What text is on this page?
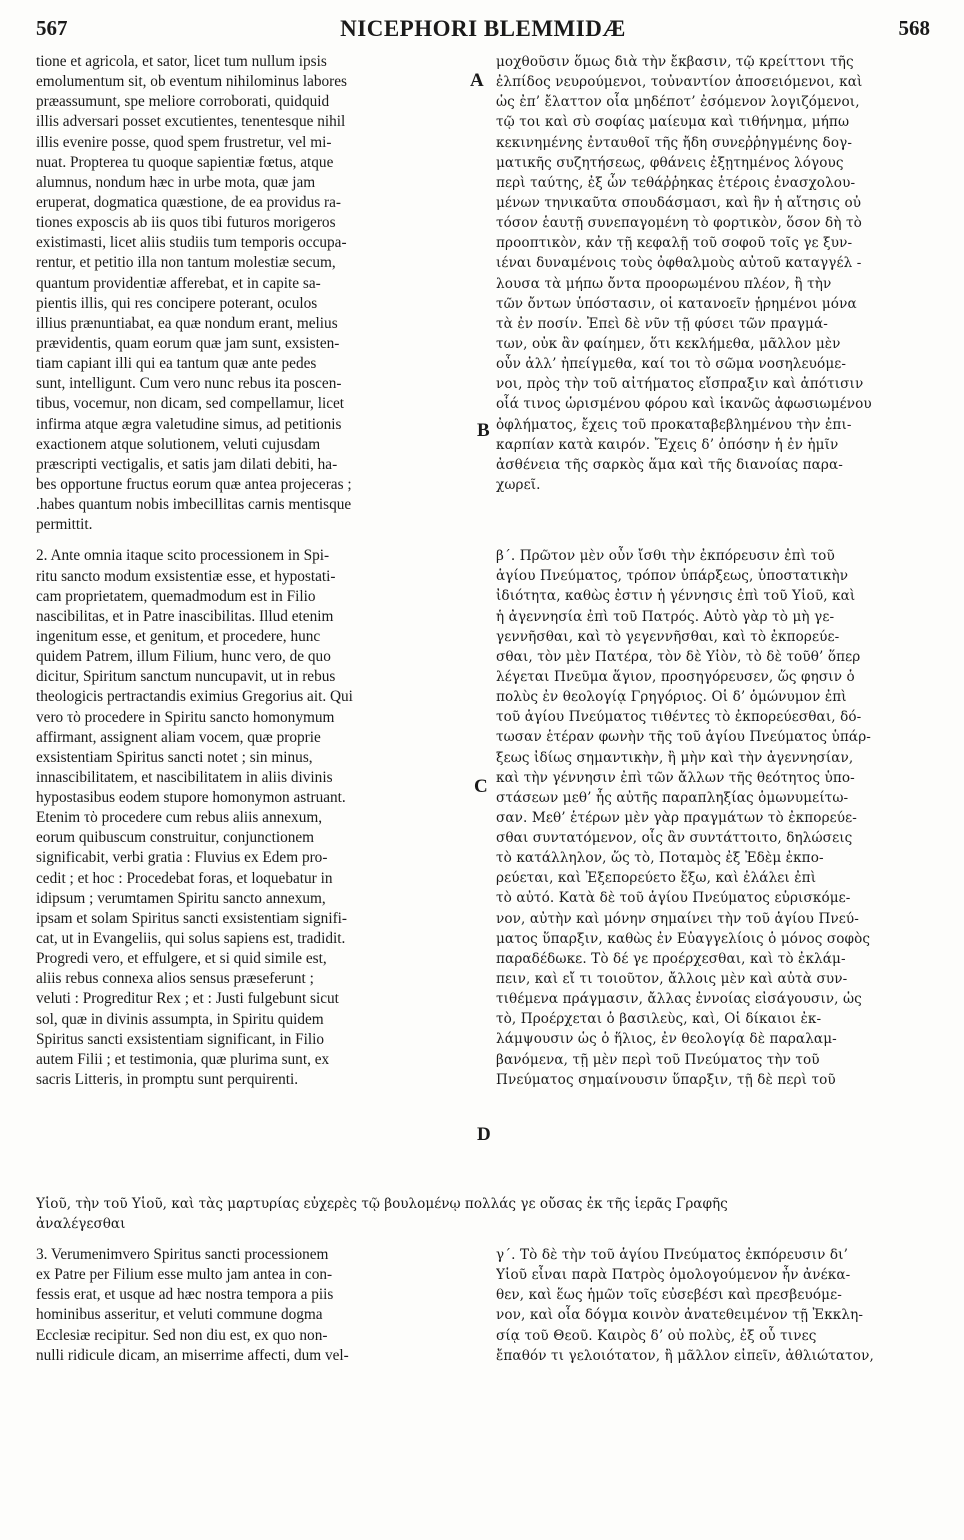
567	NICEPHORI BLEMMIDÆ	568
A
B
C
D
tione et agricola, et sator, licet tum nullum ipsis
emolumentum sit, ob eventum nihilominus labores
præassumunt, spe meliore corroborati, quidquid
illis adversari posset excutientes, tenentesque nihil
illis evenire posse, quod spem frustretur, vel mi-
nuat. Propterea tu quoque sapientiæ fœtus, atque
alumnus, nondum hæc in urbe mota, quæ jam
eruperat, dogmatica quæstione, de ea providus ra-
tiones exposcis ab iis quos tibi futuros morigeros
existimasti, licet aliis studiis tum temporis occupa-
rentur, et petitio illa non tantum molestiæ secum,
quantum providentiæ afferebat, et in capite sa-
pientis illis, qui res concipere poterant, oculos
illius prænuntiabat, ea quæ nondum erant, melius
prævidentis, quam eorum quæ jam sunt, exsisten-
tiam capiant illi qui ea tantum quæ ante pedes
sunt, intelligunt. Cum vero nunc rebus ita poscen-
tibus, vocemur, non dicam, sed compellamur, licet
infirma atque ægra valetudine simus, ad petitionis
exactionem atque solutionem, veluti cujusdam
præscripti vectigalis, et satis jam dilati debiti, ha-
bes opportune fructus eorum quæ antea projeceras ;
.habes quantum nobis imbecillitas carnis mentisque
permittit.
2. Ante omnia itaque scito processionem in Spi-
ritu sancto modum exsistentiæ esse, et hypostati-
cam proprietatem, quemadmodum est in Filio
nascibilitas, et in Patre inascibilitas. Illud etenim
ingenitum esse, et genitum, et procedere, hunc
quidem Patrem, illum Filium, hunc vero, de quo
dicitur, Spiritum sanctum nuncupavit, ut in rebus
theologicis pertractandis eximius Gregorius ait. Qui
vero τὸ procedere in Spiritu sancto homonymum
affirmant, assignent aliam vocem, quæ proprie
exsistentiam Spiritus sancti notet ; sin minus,
innascibilitatem, et nascibilitatem in aliis divinis
hypostasibus eodem stupore homonymon astruant.
Etenim τὸ procedere cum rebus aliis annexum,
eorum quibuscum construitur, conjunctionem
significabit, verbi gratia : Fluvius ex Edem pro-
cedit ; et hoc : Procedebat foras, et loquebatur in
idipsum ; verumtamen Spiritu sancto annexum,
ipsam et solam Spiritus sancti exsistentiam signifi-
cat, ut in Evangeliis, qui solus sapiens est, tradidit.
Progredi vero, et effulgere, et si quid simile est,
aliis rebus connexa alios sensus præseferunt ;
veluti : Progreditur Rex ; et : Justi fulgebunt sicut
sol, quæ in divinis assumpta, in Spiritu quidem
Spiritus sancti exsistentiam significant, in Filio
autem Filii ; et testimonia, quæ plurima sunt, ex
sacris Litteris, in promptu sunt perquirenti.
Υἱοῦ, τὴν τοῦ Υἱοῦ, καὶ τὰς μαρτυρίας εὐχερὲς τῷ βουλομένῳ πολλάς γε οὔσας ἐκ τῆς ἱερᾶς Γραφῆς
ἀναλέγεσθαι
3. Verumenimvero Spiritus sancti processionem
ex Patre per Filium esse multo jam antea in con-
fessis erat, et usque ad hæc nostra tempora a piis
hominibus asseritur, et veluti commune dogma
Ecclesiæ recipitur. Sed non diu est, ex quo non-
nulli ridicule dicam, an miserrime affecti, dum vel-
μοχθοῦσιν ὅμως διὰ τὴν ἔκβασιν, τῷ κρείττονι τῆς
ἐλπίδος νευρούμενοι, τοὐναντίον ἀποσειόμενοι, καὶ
ὡς ἐπ’ ἔλαττον οἷα μηδέποτ’ ἐσόμενον λογιζόμενοι,
τῷ τοι καὶ σὺ σοφίας μαίευμα καὶ τιθήνημα, μήπω
κεκινημένης ἐνταυθοῖ τῆς ἤδη συνεῤῥηγμένης δογ-
ματικῆς συζητήσεως, φθάνεις ἐξῃτημένος λόγους
περὶ ταύτης, ἐξ ὧν τεθάῤῥηκας ἑτέροις ἐνασχολου-
μένων τηνικαῦτα σπουδάσμασι, καὶ ἣν ἡ αἴτησις οὐ
τόσον ἑαυτῇ συνεπαγομένη τὸ φορτικὸν, ὅσον δὴ τὸ
προοπτικὸν, κἀν τῇ κεφαλῇ τοῦ σοφοῦ τοῖς γε ξυν-
ιέναι δυναμένοις τοὺς ὀφθαλμοὺς αὐτοῦ καταγγέλ -
λουσα τὰ μήπω ὄντα προορωμένου πλέον, ἢ τὴν
τῶν ὄντων ὑπόστασιν, οἱ κατανοεῖν ᾑρημένοι μόνα
τὰ ἐν ποσίν. Ἐπεὶ δὲ νῦν τῇ φύσει τῶν πραγμά-
των, οὐκ ἂν φαίημεν, ὅτι κεκλήμεθα, μᾶλλον μὲν
οὖν ἀλλ’ ἠπείγμεθα, καί τοι τὸ σῶμα νοσηλευόμε-
νοι, πρὸς τὴν τοῦ αἰτήματος εἴσπραξιν καὶ ἀπότισιν
οἷά τινος ὡρισμένου φόρου καὶ ἱκανῶς ἀφωσιωμένου
ὀφλήματος, ἔχεις τοῦ προκαταβεβλημένου τὴν ἐπι-
καρπίαν κατὰ καιρόν. Ἔχεις δ’ ὁπόσην ἡ ἐν ἡμῖν
ἀσθένεια τῆς σαρκὸς ἅμα καὶ τῆς διανοίας παρα-
χωρεῖ.
β΄. Πρῶτον μὲν οὖν ἴσθι τὴν ἐκπόρευσιν ἐπὶ τοῦ
ἁγίου Πνεύματος, τρόπον ὑπάρξεως, ὑποστατικὴν
ἰδιότητα, καθὼς ἐστιν ἡ γέννησις ἐπὶ τοῦ Υἱοῦ, καὶ
ἡ ἀγεννησία ἐπὶ τοῦ Πατρός. Αὐτὸ γὰρ τὸ μὴ γε-
γεννῆσθαι, καὶ τὸ γεγεννῆσθαι, καὶ τὸ ἐκπορεύε-
σθαι, τὸν μὲν Πατέρα, τὸν δὲ Υἱὸν, τὸ δὲ τοῦθ’ ὅπερ
λέγεται Πνεῦμα ἅγιον, προσηγόρευσεν, ὥς φησιν ὁ
πολὺς ἐν θεολογίᾳ Γρηγόριος. Οἱ δ’ ὁμώνυμον ἐπὶ
τοῦ ἁγίου Πνεύματος τιθέντες τὸ ἐκπορεύεσθαι, δό-
τωσαν ἑτέραν φωνὴν τῆς τοῦ ἁγίου Πνεύματος ὑπάρ-
ξεως ἰδίως σημαντικὴν, ἢ μὴν καὶ τὴν ἀγεννησίαν,
καὶ τὴν γέννησιν ἐπὶ τῶν ἄλλων τῆς θεότητος ὑπο-
στάσεων μεθ’ ἧς αὐτῆς παραπληξίας ὁμωνυμείτω-
σαν. Μεθ’ ἑτέρων μὲν γὰρ πραγμάτων τὸ ἐκπορεύε-
σθαι συντατόμενον, οἷς ἂν συντάττοιτο, δηλώσεις
τὸ κατάλληλον, ὥς τὸ, Ποταμὸς ἐξ Ἐδὲμ ἐκπο-
ρεύεται, καὶ Ἐξεπορεύετο ἔξω, καὶ ἐλάλει ἐπὶ
τὸ αὐτό. Κατὰ δὲ τοῦ ἁγίου Πνεύματος εὑρισκόμε-
νον, αὐτὴν καὶ μόνην σημαίνει τὴν τοῦ ἁγίου Πνεύ-
ματος ὕπαρξιν, καθὼς ἐν Εὐαγγελίοις ὁ μόνος σοφὸς
παραδέδωκε. Τὸ δέ γε προέρχεσθαι, καὶ τὸ ἐκλάμ-
πειν, καὶ εἴ τι τοιοῦτον, ἄλλοις μὲν καὶ αὐτὰ συν-
τιθέμενα πράγμασιν, ἄλλας ἐννοίας εἰσάγουσιν, ὡς
τὸ, Προέρχεται ὁ βασιλεὺς, καὶ, Οἱ δίκαιοι ἐκ-
λάμψουσιν ὡς ὁ ἥλιος, ἐν θεολογίᾳ δὲ παραλαμ-
βανόμενα, τῇ μὲν περὶ τοῦ Πνεύματος τὴν τοῦ
Πνεύματος σημαίνουσιν ὕπαρξιν, τῇ δὲ περὶ τοῦ
γ΄. Τὸ δὲ τὴν τοῦ ἁγίου Πνεύματος ἐκπόρευσιν δι’
Υἱοῦ εἶναι παρὰ Πατρὸς ὁμολογούμενον ἦν ἀνέκα-
θεν, καὶ ἕως ἡμῶν τοῖς εὐσεβέσι καὶ πρεσβευόμε-
νον, καὶ οἷα δόγμα κοινὸν ἀνατεθειμένον τῇ Ἐκκλη-
σίᾳ τοῦ Θεοῦ. Καιρὸς δ’ οὐ πολὺς, ἐξ οὗ τινες
ἔπαθόν τι γελοιότατον, ἢ μᾶλλον εἰπεῖν, ἀθλιώτατον,
